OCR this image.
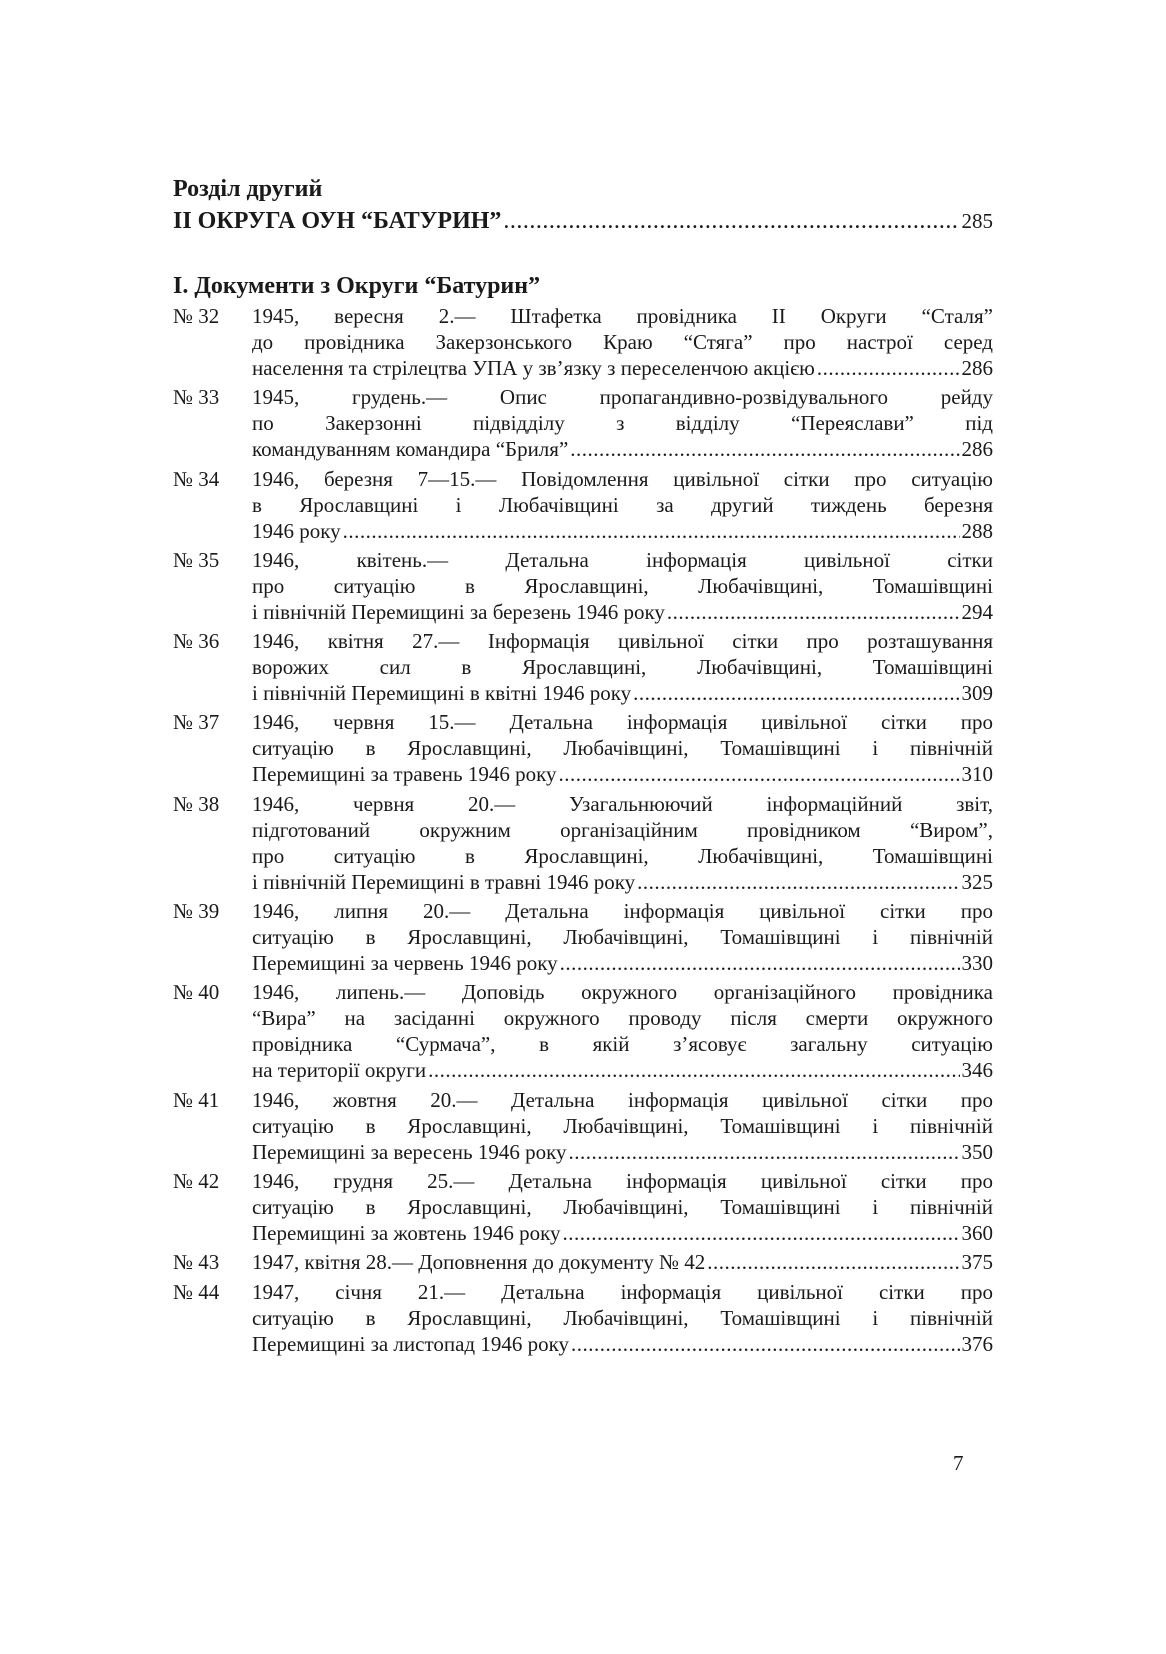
Розділ другий
II ОКРУГА ОУН “БАТУРИН” .....	285
І. Документи з Округи “Батурин”
№ 32	1945, вересня 2.— Штафетка провідника II Округи “Сталя”
до провідника Закерзонського Краю “Стяга” про настрої серед
населення та стрілецтва УПА у зв’язку з переселенчою акцією .....	286
№ 33	1945, грудень.— Опис пропагандивно-розвідувального рейду
по Закерзонні підвідділу з відділу “Переяслави” під
командуванням командира “Бриля” .....	286
№ 34	1946, березня 7—15.— Повідомлення цивільної сітки про ситуацію
в Ярославщині і Любачівщині за другий тиждень березня
1946 року .....	288
№ 35	1946, квітень.— Детальна інформація цивільної сітки
про ситуацію в Ярославщині, Любачівщині, Томашівщині
і північній Перемищині за березень 1946 року .....	294
№ 36	1946, квітня 27.— Інформація цивільної сітки про розташування
ворожих сил в Ярославщині, Любачівщині, Томашівщині
і північній Перемищині в квітні 1946 року .....	309
№ 37	1946, червня 15.— Детальна інформація цивільної сітки про
ситуацію в Ярославщині, Любачівщині, Томашівщині і північній
Перемищині за травень 1946 року .....	310
№ 38	1946, червня 20.— Узагальнюючий інформаційний звіт,
підготований окружним організаційним провідником “Виром”,
про ситуацію в Ярославщині, Любачівщині, Томашівщині
і північній Перемищині в травні 1946 року .....	325
№ 39	1946, липня 20.— Детальна інформація цивільної сітки про
ситуацію в Ярославщині, Любачівщині, Томашівщині і північній
Перемищині за червень 1946 року .....	330
№ 40	1946, липень.— Доповідь окружного організаційного провідника
“Вира” на засіданні окружного проводу після смерти окружного
провідника “Сурмача”, в якій з’ясовує загальну ситуацію
на території округи .....	346
№ 41	1946, жовтня 20.— Детальна інформація цивільної сітки про
ситуацію в Ярославщині, Любачівщині, Томашівщині і північній
Перемищині за вересень 1946 року .....	350
№ 42	1946, грудня 25.— Детальна інформація цивільної сітки про
ситуацію в Ярославщині, Любачівщині, Томашівщині і північній
Перемищині за жовтень 1946 року .....	360
№ 43	1947, квітня 28.— Доповнення до документу № 42 .....	375
№ 44	1947, січня 21.— Детальна інформація цивільної сітки про
ситуацію в Ярославщині, Любачівщині, Томашівщині і північній
Перемищині за листопад 1946 року .....	376
7
